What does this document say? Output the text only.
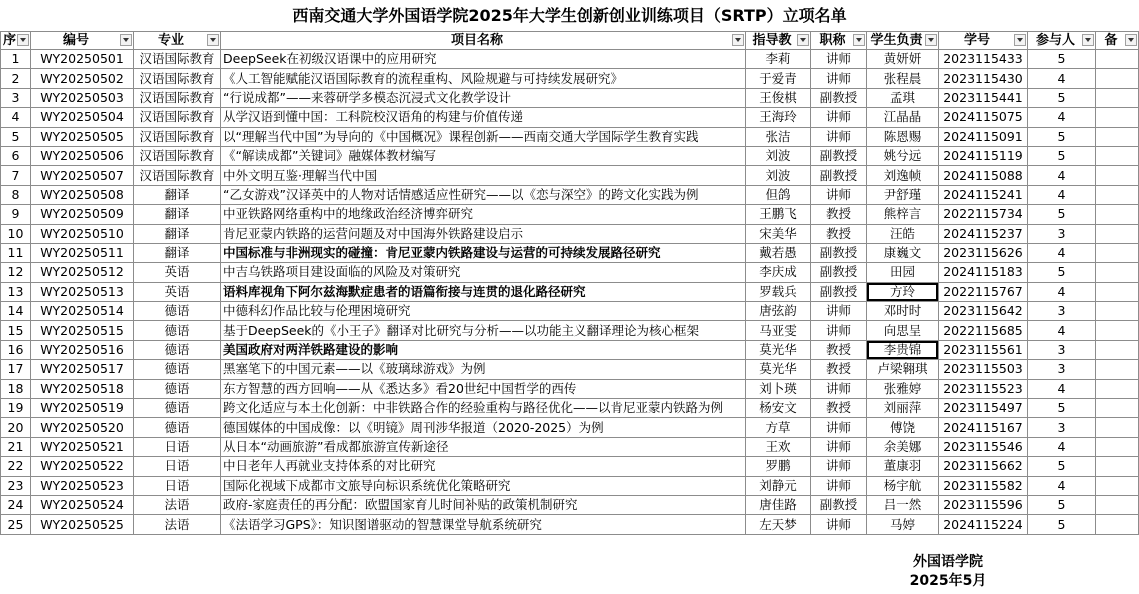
西南交通大学外国语学院2025年大学生创新创业训练项目（SRTP）立项名单
序	编号	专业	项目名称	指导教	职称	学生负责	学号	参与人	备

1	WY20250501	汉语国际教育	DeepSeek在初级汉语课中的应用研究	李莉	讲师	黄妍妍	2023115433	5	
2	WY20250502	汉语国际教育	《人工智能赋能汉语国际教育的流程重构、风险规避与可持续发展研究》	于爱青	讲师	张程晨	2023115430	4	
3	WY20250503	汉语国际教育	“行说成都”——来蓉研学多模态沉浸式文化教学设计	王俊棋	副教授	孟琪	2023115441	5	
4	WY20250504	汉语国际教育	从学汉语到懂中国：工科院校汉语角的构建与价值传递	王海玲	讲师	江晶晶	2024115075	4	
5	WY20250505	汉语国际教育	以“理解当代中国”为导向的《中国概况》课程创新——西南交通大学国际学生教育实践	张洁	讲师	陈恩赐	2024115091	5	
6	WY20250506	汉语国际教育	《“解读成都”关键词》融媒体教材编写	刘波	副教授	姚兮远	2024115119	5	
7	WY20250507	汉语国际教育	中外文明互鉴·理解当代中国	刘波	副教授	刘逸帧	2024115088	4	
8	WY20250508	翻译	“乙女游戏”汉译英中的人物对话情感适应性研究——以《恋与深空》的跨文化实践为例	但鸽	讲师	尹舒瑾	2024115241	4	
9	WY20250509	翻译	中亚铁路网络重构中的地缘政治经济博弈研究	王鹏飞	教授	熊梓言	2022115734	5	
10	WY20250510	翻译	肯尼亚蒙内铁路的运营问题及对中国海外铁路建设启示	宋美华	教授	汪皓	2024115237	3	
11	WY20250511	翻译	中国标准与非洲现实的碰撞：肯尼亚蒙内铁路建设与运营的可持续发展路径研究	戴若愚	副教授	康巍文	2023115626	4	
12	WY20250512	英语	中吉乌铁路项目建设面临的风险及对策研究	李庆成	副教授	田园	2024115183	5	
13	WY20250513	英语	语料库视角下阿尔兹海默症患者的语篇衔接与连贯的退化路径研究	罗载兵	副教授	方玲	2022115767	4	
14	WY20250514	德语	中德科幻作品比较与伦理困境研究	唐弦韵	讲师	邓时时	2023115642	3	
15	WY20250515	德语	基于DeepSeek的《小王子》翻译对比研究与分析——以功能主义翻译理论为核心框架	马亚雯	讲师	向思呈	2022115685	4	
16	WY20250516	德语	美国政府对两洋铁路建设的影响	莫光华	教授	李贵锦	2023115561	3	
17	WY20250517	德语	黑塞笔下的中国元素——以《玻璃球游戏》为例	莫光华	教授	卢梁翱琪	2023115503	3	
18	WY20250518	德语	东方智慧的西方回响——从《悉达多》看20世纪中国哲学的西传	刘卜瑛	讲师	张雅婷	2023115523	4	
19	WY20250519	德语	跨文化适应与本土化创新：中非铁路合作的经验重构与路径优化——以肯尼亚蒙内铁路为例	杨安文	教授	刘丽萍	2023115497	5	
20	WY20250520	德语	德国媒体的中国成像：以《明镜》周刊涉华报道（2020-2025）为例	方草	讲师	傅饶	2024115167	3	
21	WY20250521	日语	从日本“动画旅游”看成都旅游宣传新途径	王欢	讲师	余美娜	2023115546	4	
22	WY20250522	日语	中日老年人再就业支持体系的对比研究	罗鹏	讲师	董康羽	2023115662	5	
23	WY20250523	日语	国际化视域下成都市文旅导向标识系统优化策略研究	刘静元	讲师	杨宇航	2023115582	4	
24	WY20250524	法语	政府-家庭责任的再分配：欧盟国家育儿时间补贴的政策机制研究	唐佳路	副教授	吕一然	2023115596	5	
25	WY20250525	法语	《法语学习GPS》：知识图谱驱动的智慧课堂导航系统研究	左天梦	讲师	马婷	2024115224	5	
外国语学院
2025年5月
